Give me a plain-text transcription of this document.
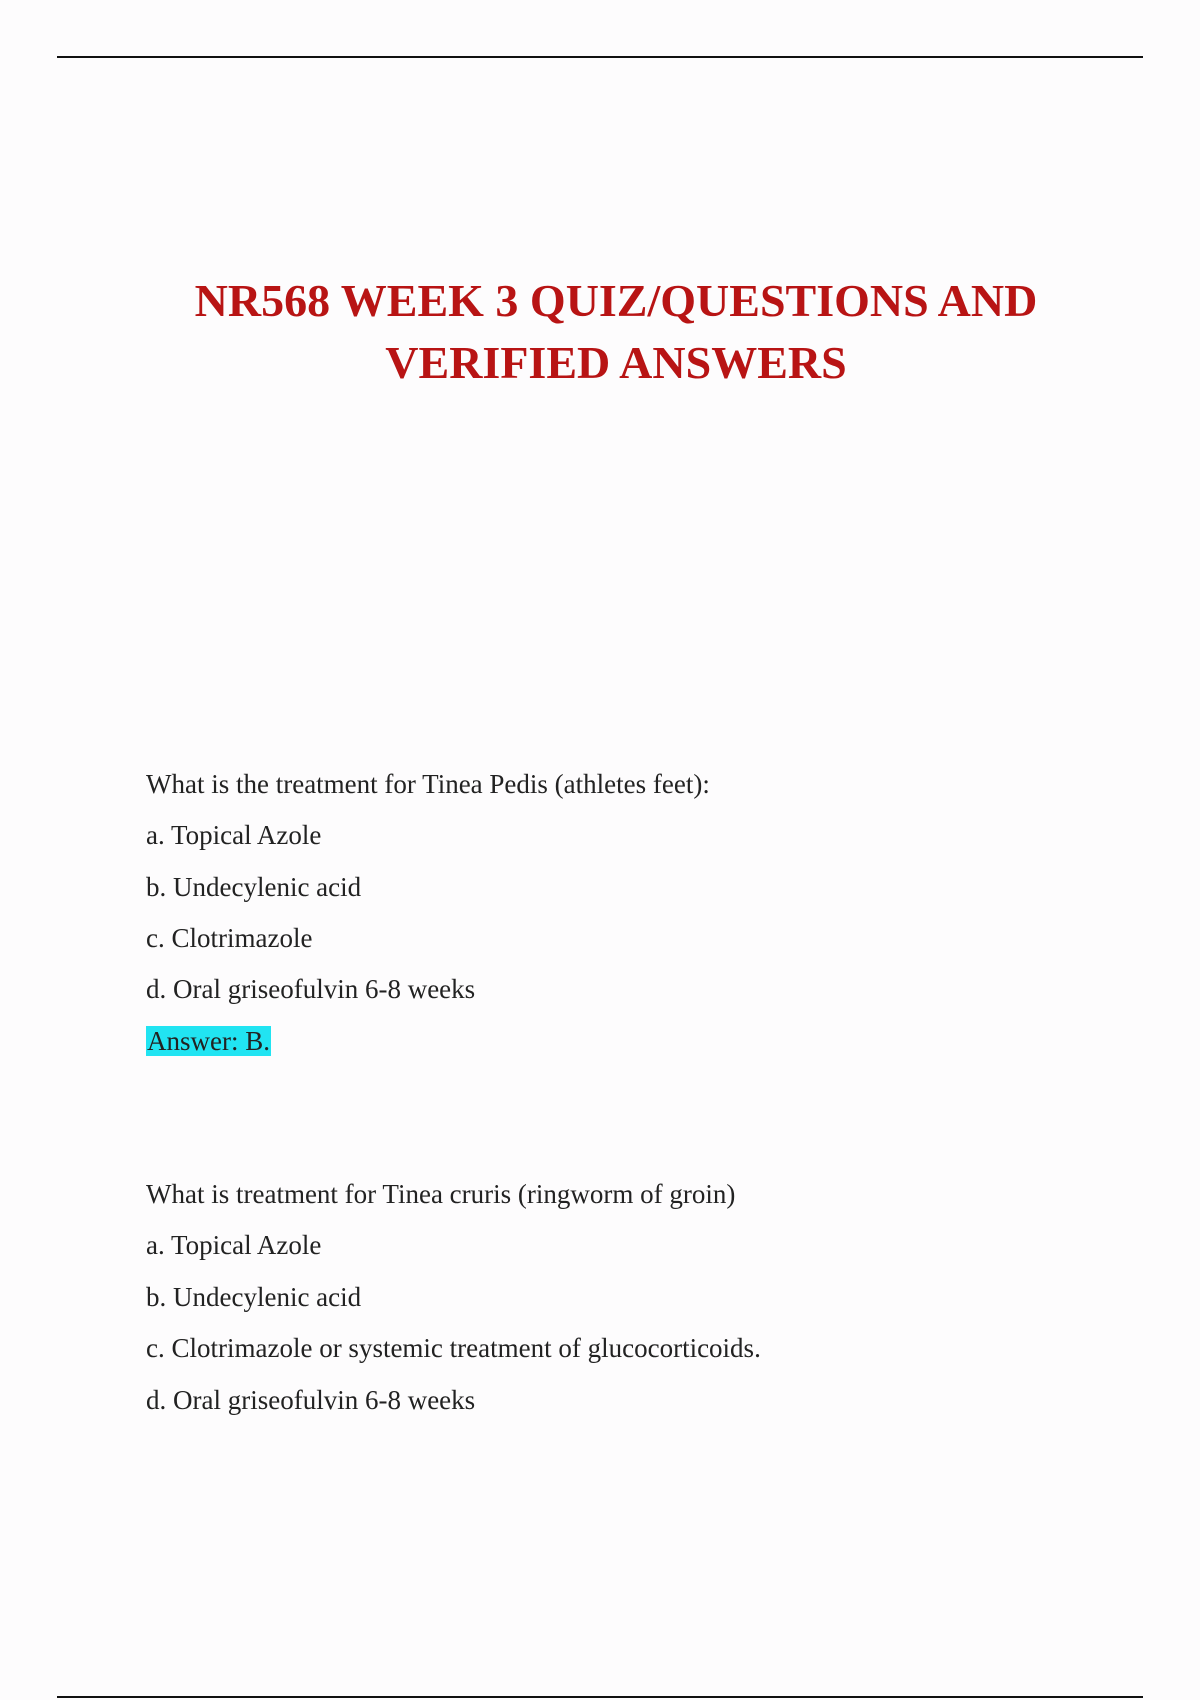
NR568 WEEK 3 QUIZ/QUESTIONS AND
VERIFIED ANSWERS
What is the treatment for Tinea Pedis (athletes feet):
a. Topical Azole
b. Undecylenic acid
c. Clotrimazole
d. Oral griseofulvin 6-8 weeks
Answer: B.
What is treatment for Tinea cruris (ringworm of groin)
a. Topical Azole
b. Undecylenic acid
c. Clotrimazole or systemic treatment of glucocorticoids.
d. Oral griseofulvin 6-8 weeks
